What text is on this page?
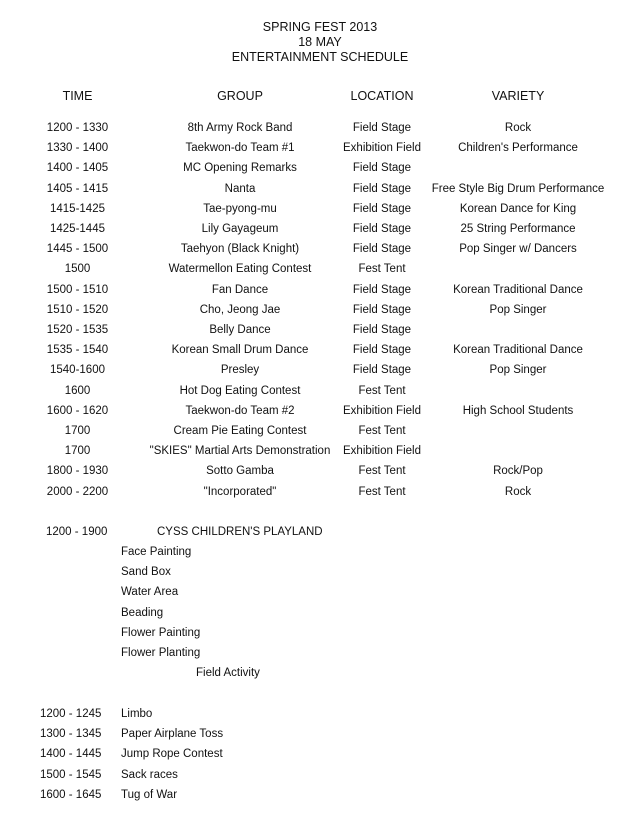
SPRING FEST 2013
18 MAY
ENTERTAINMENT SCHEDULE
TIME	GROUP	LOCATION	VARIETY
1200 - 1330	8th Army Rock Band	Field Stage	Rock
1330 - 1400	Taekwon-do Team #1	Exhibition Field	Children's Performance
1400 - 1405	MC Opening Remarks	Field Stage
1405 - 1415	Nanta	Field Stage	Free Style Big Drum Performance
1415-1425	Tae-pyong-mu	Field Stage	Korean Dance for King
1425-1445	Lily Gayageum	Field Stage	25 String Performance
1445 - 1500	Taehyon (Black Knight)	Field Stage	Pop Singer w/ Dancers
1500	Watermellon Eating Contest	Fest Tent
1500 - 1510	Fan Dance	Field Stage	Korean Traditional Dance
1510 - 1520	Cho, Jeong Jae	Field Stage	Pop Singer
1520 - 1535	Belly Dance	Field Stage
1535 - 1540	Korean Small Drum Dance	Field Stage	Korean Traditional Dance
1540-1600	Presley	Field Stage	Pop Singer
1600	Hot Dog Eating Contest	Fest Tent
1600 - 1620	Taekwon-do Team #2	Exhibition Field	High School Students
1700	Cream Pie Eating Contest	Fest Tent
1700	"SKIES" Martial Arts Demonstration	Exhibition Field
1800 - 1930	Sotto Gamba	Fest Tent	Rock/Pop
2000 - 2200	"Incorporated"	Fest Tent	Rock
1200 - 1900	CYSS CHILDREN'S PLAYLAND
Face Painting
Sand Box
Water Area
Beading
Flower Painting
Flower Planting
Field Activity
1200 - 1245 Limbo
1300 - 1345 Paper Airplane Toss
1400 - 1445 Jump Rope Contest
1500 - 1545 Sack races
1600 - 1645 Tug of War
